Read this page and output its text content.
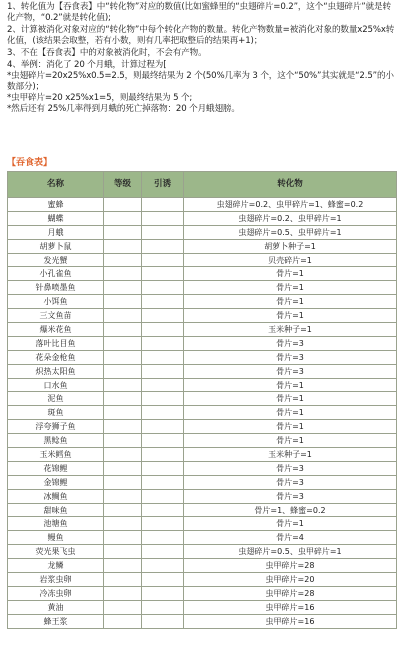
1、转化值为【吞食表】中“转化物”对应的数值(比如蜜蜂里的“虫翅碎片=0.2”，这个“虫翅碎片”就是转化产物，“0.2”就是转化值);

2、计算被消化对象对应的“转化物”中每个转化产物的数量。转化产物数量=被消化对象的数量x25%x转化值，(该结果会取整，若有小数，则有几率把取整后的结果再+1)；

3、不在【吞食表】中的对象被消化时，不会有产物。

4、举例：消化了 20 个月蛾，计算过程为[

*虫翅碎片=20x25%x0.5=2.5，则最终结果为 2 个(50%几率为 3 个，这个“50%”其实就是“2.5”的小数部分)；

*虫甲碎片=20 x25%x1=5，则最终结果为 5 个;

*然后还有 25%几率得到月蛾的死亡掉落物：20 个月蛾翅膀。

【吞食表】
名称	等级	引诱	转化物
蜜蜂			虫翅碎片=0.2、虫甲碎片=1、蜂蜜=0.2
蝴蝶			虫翅碎片=0.2、虫甲碎片=1
月蛾			虫翅碎片=0.5、虫甲碎片=1
胡萝卜鼠			胡萝卜种子=1
发光蟹			贝壳碎片=1
小孔雀鱼			骨片=1
针鼻喷墨鱼			骨片=1
小饵鱼			骨片=1
三文鱼苗			骨片=1
爆米花鱼			玉米种子=1
落叶比目鱼			骨片=3
花朵金枪鱼			骨片=3
炽热太阳鱼			骨片=3
口水鱼			骨片=1
泥鱼			骨片=1
斑鱼			骨片=1
浮夸狮子鱼			骨片=1
黑鲶鱼			骨片=1
玉米鳕鱼			玉米种子=1
花锦鲤			骨片=3
金锦鲤			骨片=3
冰鲷鱼			骨片=3
甜味鱼			骨片=1、蜂蜜=0.2
池塘鱼			骨片=1
鳗鱼			骨片=4
荧光果飞虫			虫翅碎片=0.5、虫甲碎片=1
龙鳞			虫甲碎片=28
岩浆虫卵			虫甲碎片=20
冷冻虫卵			虫甲碎片=28
黄油			虫甲碎片=16
蜂王浆			虫甲碎片=16
